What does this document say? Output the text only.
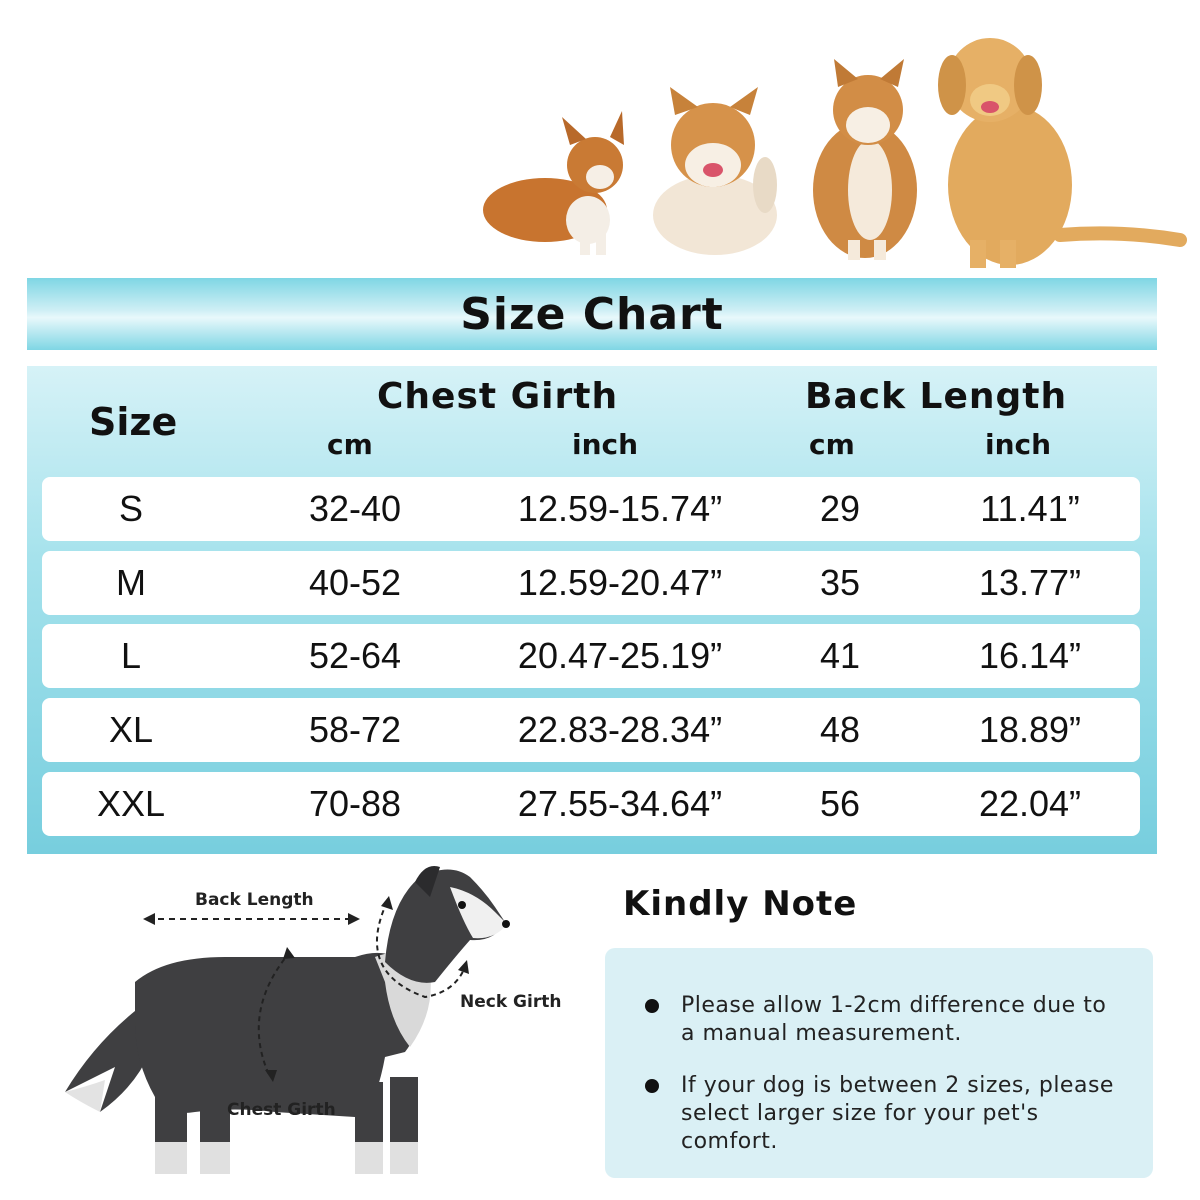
Size Chart
Size
Chest Girth	Back Length
cm	inch	cm	inch
S	32-40	12.59-15.74”	29	11.41”
M	40-52	12.59-20.47”	35	13.77”
L	52-64	20.47-25.19”	41	16.14”
XL	58-72	22.83-28.34”	48	18.89”
XXL	70-88	27.55-34.64”	56	22.04”
Back Length
Neck Girth
Chest Girth
Kindly Note
Please allow 1-2cm difference due to a manual measurement.
If your dog is between 2 sizes, please select larger size for your pet's comfort.
